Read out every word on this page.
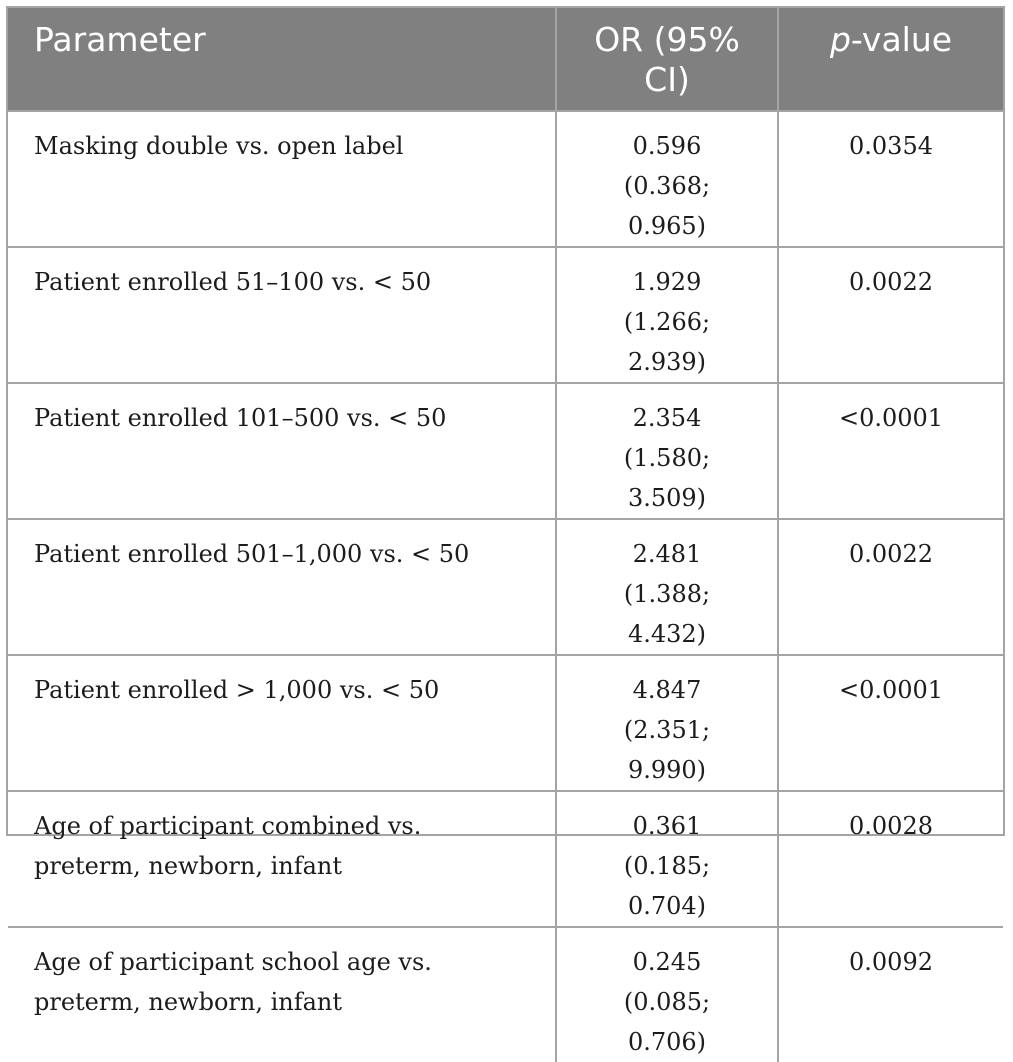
Parameter	OR (95% CI)	p-value
Masking double vs. open label	0.596 (0.368; 0.965)	0.0354
Patient enrolled 51–100 vs. < 50	1.929 (1.266; 2.939)	0.0022
Patient enrolled 101–500 vs. < 50	2.354 (1.580; 3.509)	<0.0001
Patient enrolled 501–1,000 vs. < 50	2.481 (1.388; 4.432)	0.0022
Patient enrolled > 1,000 vs. < 50	4.847 (2.351; 9.990)	<0.0001
Age of participant combined vs. preterm, newborn, infant	0.361 (0.185; 0.704)	0.0028
Age of participant school age vs. preterm, newborn, infant	0.245 (0.085; 0.706)	0.0092
